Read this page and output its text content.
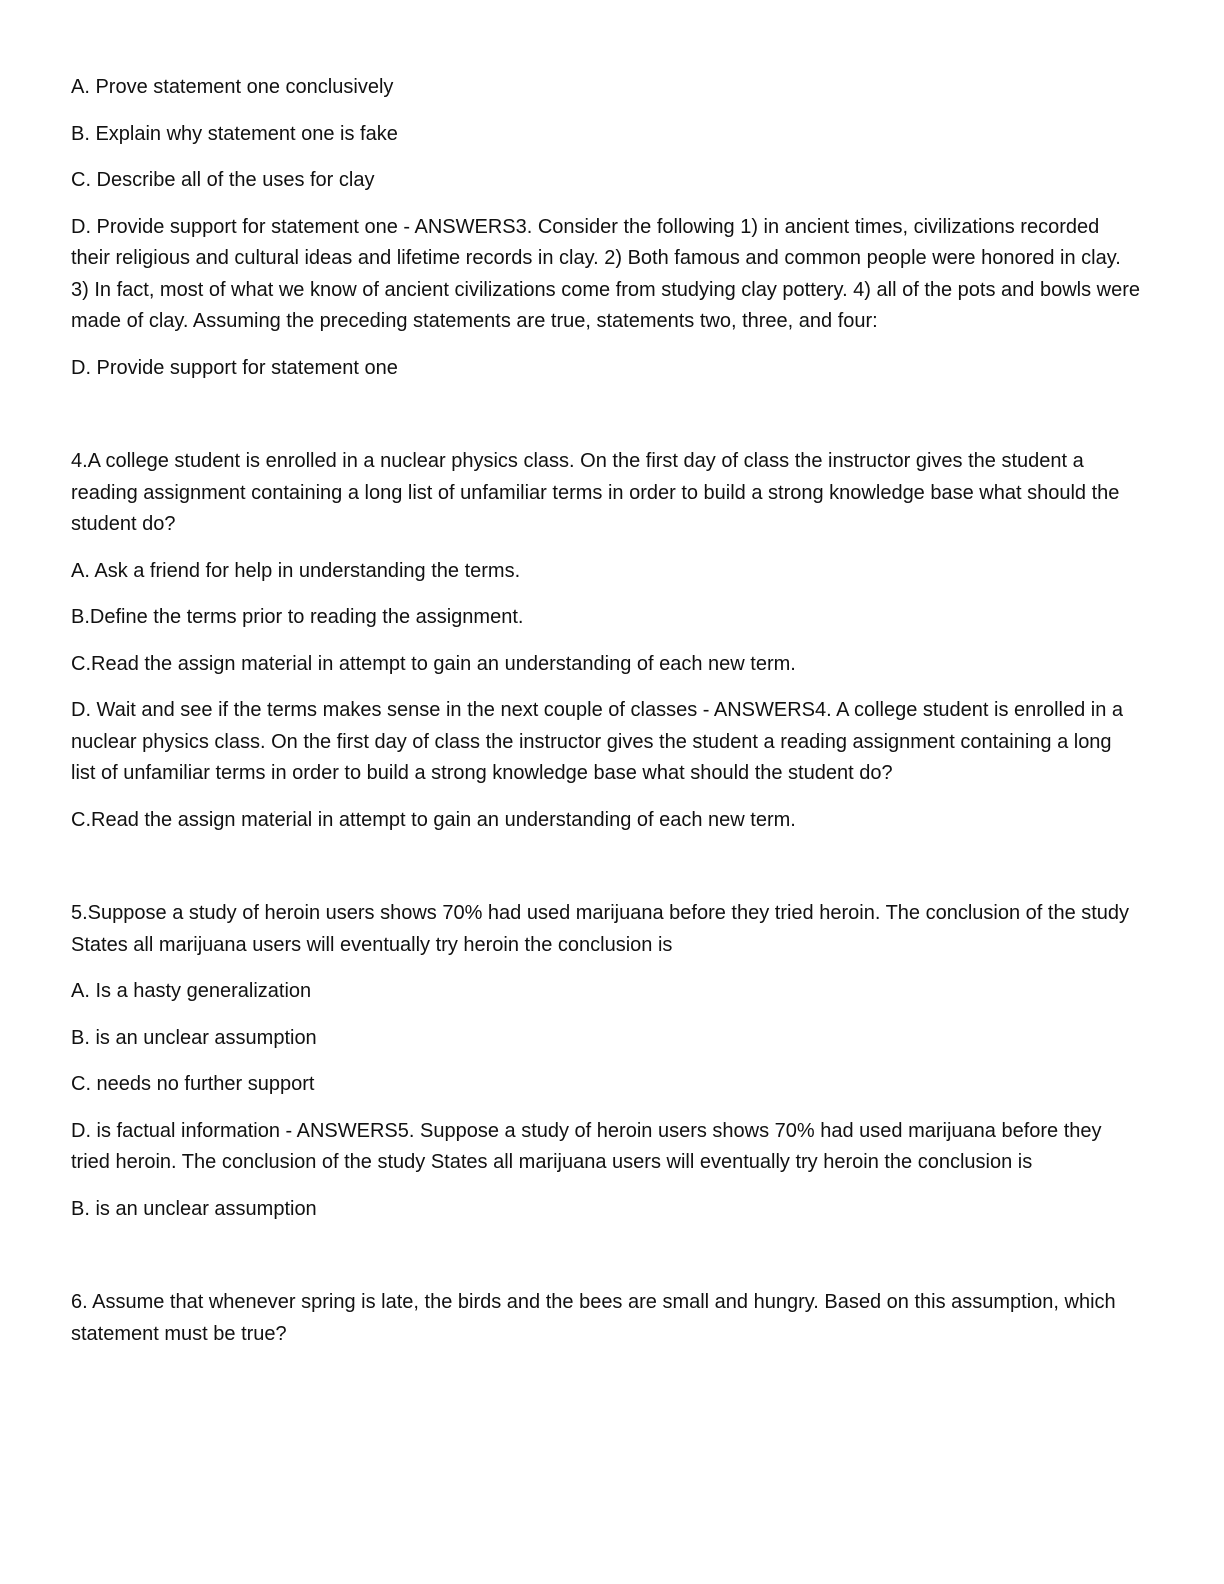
A. Prove statement one conclusively

B. Explain why statement one is fake

C. Describe all of the uses for clay

D. Provide support for statement one - ANSWERS3. Consider the following 1) in ancient times, civilizations recorded their religious and cultural ideas and lifetime records in clay. 2) Both famous and common people were honored in clay. 3) In fact, most of what we know of ancient civilizations come from studying clay pottery. 4) all of the pots and bowls were made of clay. Assuming the preceding statements are true, statements two, three, and four:

D. Provide support for statement one

4.A college student is enrolled in a nuclear physics class. On the first day of class the instructor gives the student a reading assignment containing a long list of unfamiliar terms in order to build a strong knowledge base what should the student do?

A. Ask a friend for help in understanding the terms.

B.Define the terms prior to reading the assignment.

C.Read the assign material in attempt to gain an understanding of each new term.

D. Wait and see if the terms makes sense in the next couple of classes - ANSWERS4. A college student is enrolled in a nuclear physics class. On the first day of class the instructor gives the student a reading assignment containing a long list of unfamiliar terms in order to build a strong knowledge base what should the student do?

C.Read the assign material in attempt to gain an understanding of each new term.

5.Suppose a study of heroin users shows 70% had used marijuana before they tried heroin. The conclusion of the study States all marijuana users will eventually try heroin the conclusion is

A. Is a hasty generalization

B. is an unclear assumption

C. needs no further support

D. is factual information - ANSWERS5. Suppose a study of heroin users shows 70% had used marijuana before they tried heroin. The conclusion of the study States all marijuana users will eventually try heroin the conclusion is

B. is an unclear assumption

6. Assume that whenever spring is late, the birds and the bees are small and hungry. Based on this assumption, which statement must be true?
